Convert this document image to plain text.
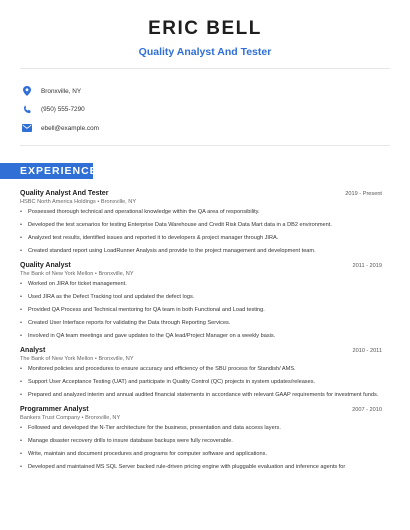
ERIC BELL
Quality Analyst And Tester
Bronxville, NY
(950) 555-7290
ebell@example.com
EXPERIENCE
Quality Analyst And Tester	2019 - Present
HSBC North America Holdings • Bronxville, NY
• Possessed thorough technical and operational knowledge within the QA area of responsibility.
• Developed the test scenarios for testing Enterprise Data Warehouse and Credit Risk Data Mart data in a DB2 environment.
• Analyzed test results, identified issues and reported it to developers & project manager through JIRA.
• Created standard report using LoadRunner Analysis and provide to the project management and development team.
Quality Analyst	2011 - 2019
The Bank of New York Mellon • Bronxville, NY
• Worked on JIRA for ticket management.
• Used JIRA as the Defect Tracking tool and updated the defect logs.
• Provided QA Process and Technical mentoring for QA team in both Functional and Load testing.
• Created User Interface reports for validating the Data through Reporting Services.
• Involved in QA team meetings and gave updates to the QA lead/Project Manager on a weekly basis.
Analyst	2010 - 2011
The Bank of New York Mellon • Bronxville, NY
• Monitored policies and procedures to ensure accuracy and efficiency of the SBU process for Standish/ AMS.
• Support User Acceptance Testing (UAT) and participate in Quality Control (QC) projects in system updates/releases.
• Prepared and analyzed interim and annual audited financial statements in accordance with relevant GAAP requirements for investment funds.
Programmer Analyst	2007 - 2010
Bankers Trust Company • Bronxville, NY
• Followed and developed the N-Tier architecture for the business, presentation and data access layers.
• Manage disaster recovery drills to insure database backups were fully recoverable.
• Write, maintain and document procedures and programs for computer software and applications.
• Developed and maintained MS SQL Server backed rule-driven pricing engine with pluggable evaluation and inference agents for
